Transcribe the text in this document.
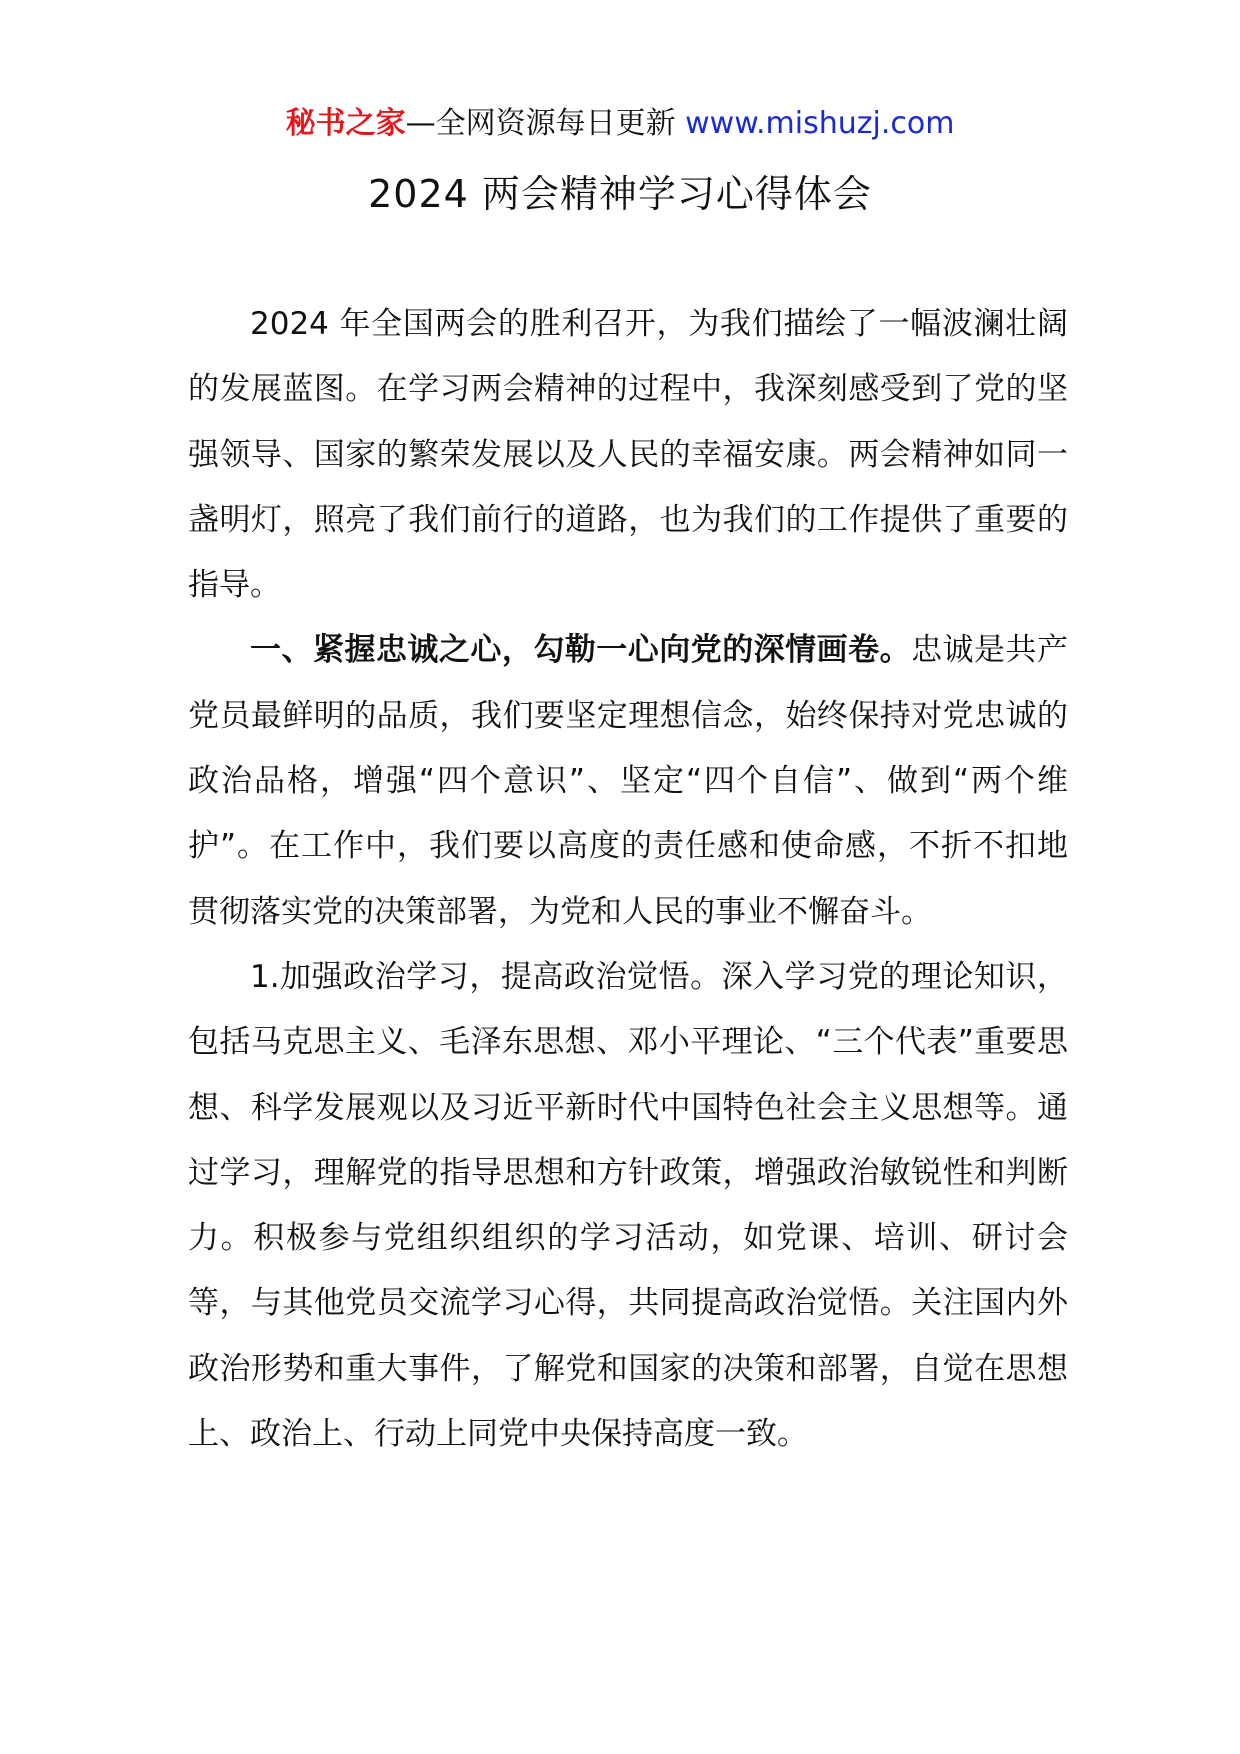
秘书之家—全网资源每日更新 www.mishuzj.com
2024 两会精神学习心得体会

2024 年全国两会的胜利召开，为我们描绘了一幅波澜壮阔的发展蓝图。在学习两会精神的过程中，我深刻感受到了党的坚强领导、国家的繁荣发展以及人民的幸福安康。两会精神如同一盏明灯，照亮了我们前行的道路，也为我们的工作提供了重要的指导。

一、紧握忠诚之心，勾勒一心向党的深情画卷。忠诚是共产党员最鲜明的品质，我们要坚定理想信念，始终保持对党忠诚的政治品格，增强“四个意识”、坚定“四个自信”、做到“两个维护”。在工作中，我们要以高度的责任感和使命感，不折不扣地贯彻落实党的决策部署，为党和人民的事业不懈奋斗。

1.加强政治学习，提高政治觉悟。深入学习党的理论知识，包括马克思主义、毛泽东思想、邓小平理论、“三个代表”重要思想、科学发展观以及习近平新时代中国特色社会主义思想等。通过学习，理解党的指导思想和方针政策，增强政治敏锐性和判断力。积极参与党组织组织的学习活动，如党课、培训、研讨会等，与其他党员交流学习心得，共同提高政治觉悟。关注国内外政治形势和重大事件，了解党和国家的决策和部署，自觉在思想上、政治上、行动上同党中央保持高度一致。
